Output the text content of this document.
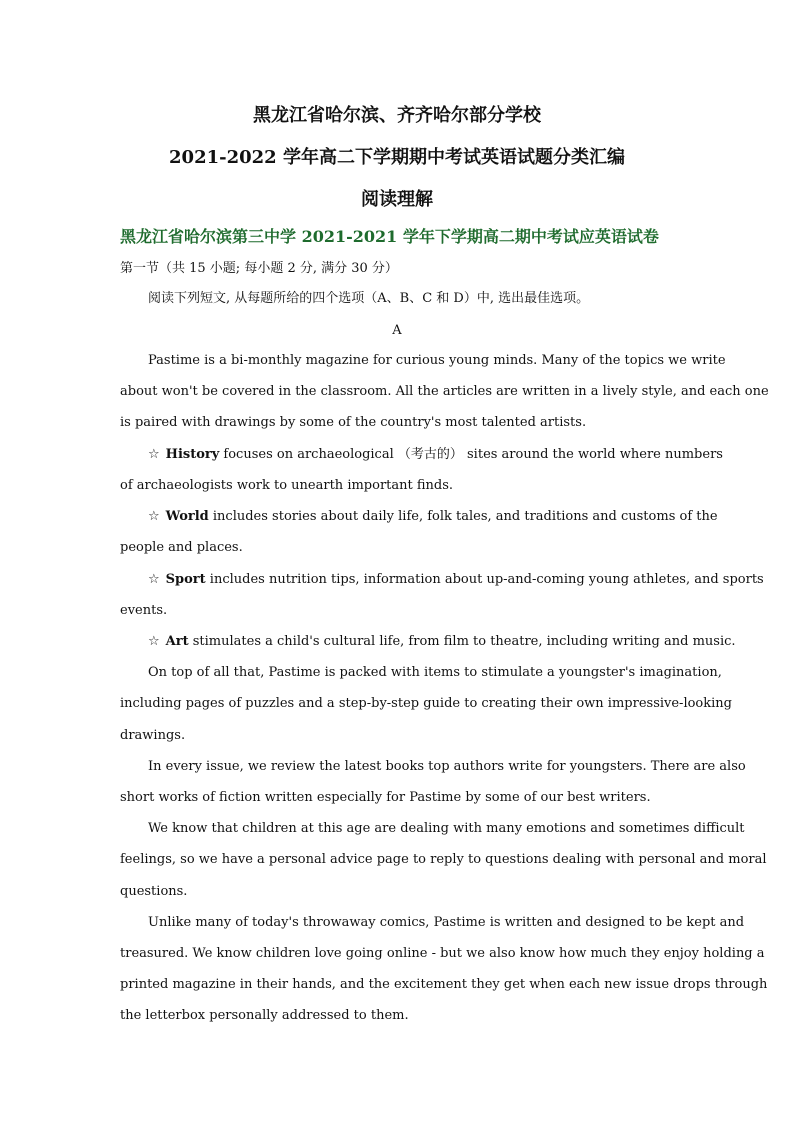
黑龙江省哈尔滨、齐齐哈尔部分学校
2021-2022 学年高二下学期期中考试英语试题分类汇编
阅读理解
黑龙江省哈尔滨第三中学 2021-2021 学年下学期高二期中考试应英语试卷
第一节（共 15 小题; 每小题 2 分, 满分 30 分）
阅读下列短文, 从每题所给的四个选项（A、B、C 和 D）中, 选出最佳选项。
A
Pastime is a bi-monthly magazine for curious young minds. Many of the topics we write
about won't be covered in the classroom. All the articles are written in a lively style, and each one
is paired with drawings by some of the country's most talented artists.
☆ History focuses on archaeological （考古的） sites around the world where numbers
of archaeologists work to unearth important finds.
☆ World includes stories about daily life, folk tales, and traditions and customs of the
people and places.
☆ Sport includes nutrition tips, information about up-and-coming young athletes, and sports
events.
☆ Art stimulates a child's cultural life, from film to theatre, including writing and music.
On top of all that, Pastime is packed with items to stimulate a youngster's imagination,
including pages of puzzles and a step-by-step guide to creating their own impressive-looking
drawings.
In every issue, we review the latest books top authors write for youngsters. There are also
short works of fiction written especially for Pastime by some of our best writers.
We know that children at this age are dealing with many emotions and sometimes difficult
feelings, so we have a personal advice page to reply to questions dealing with personal and moral
questions.
Unlike many of today's throwaway comics, Pastime is written and designed to be kept and
treasured. We know children love going online - but we also know how much they enjoy holding a
printed magazine in their hands, and the excitement they get when each new issue drops through
the letterbox personally addressed to them.
